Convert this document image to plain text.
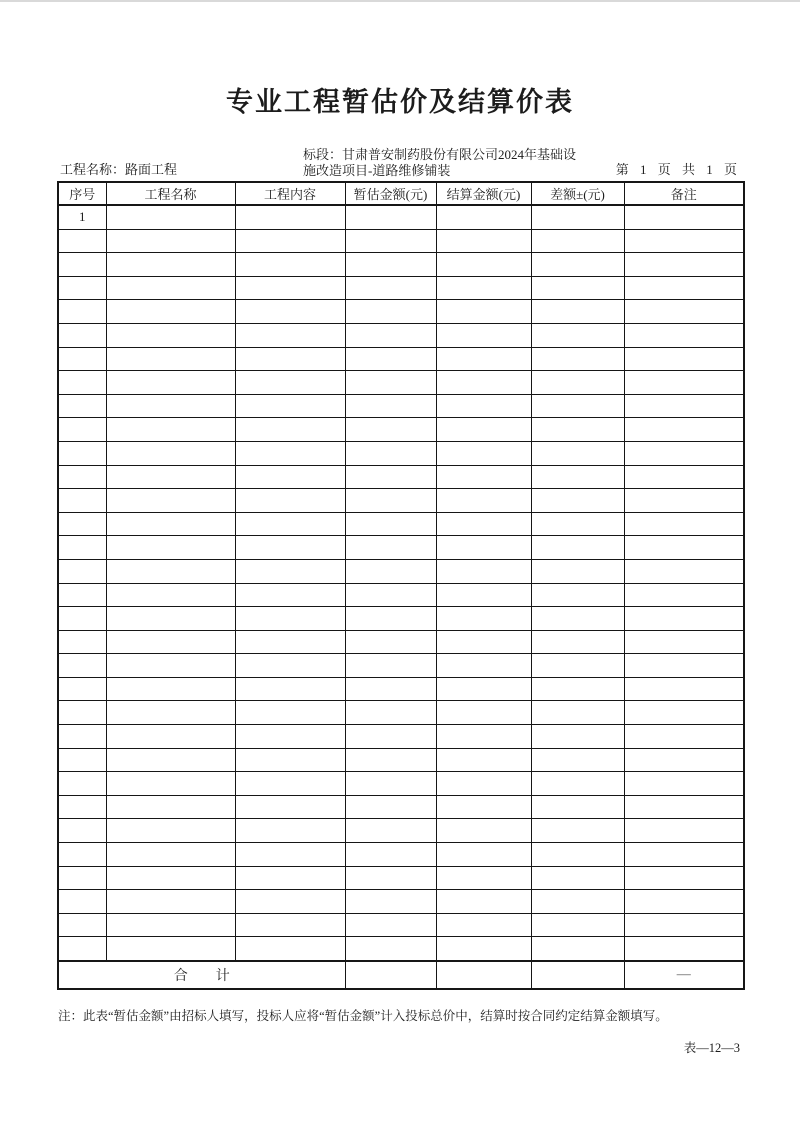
专业工程暂估价及结算价表
工程名称：路面工程
标段：甘肃普安制药股份有限公司2024年基础设
施改造项目-道路维修铺装	第 1 页 共 1 页
序号	工程名称	工程内容	暂估金额(元)	结算金额(元)	差额±(元)	备注
1						

合　　计						—
注：此表“暂估金额”由招标人填写，投标人应将“暂估金额”计入投标总价中，结算时按合同约定结算金额填写。
表—12—3
